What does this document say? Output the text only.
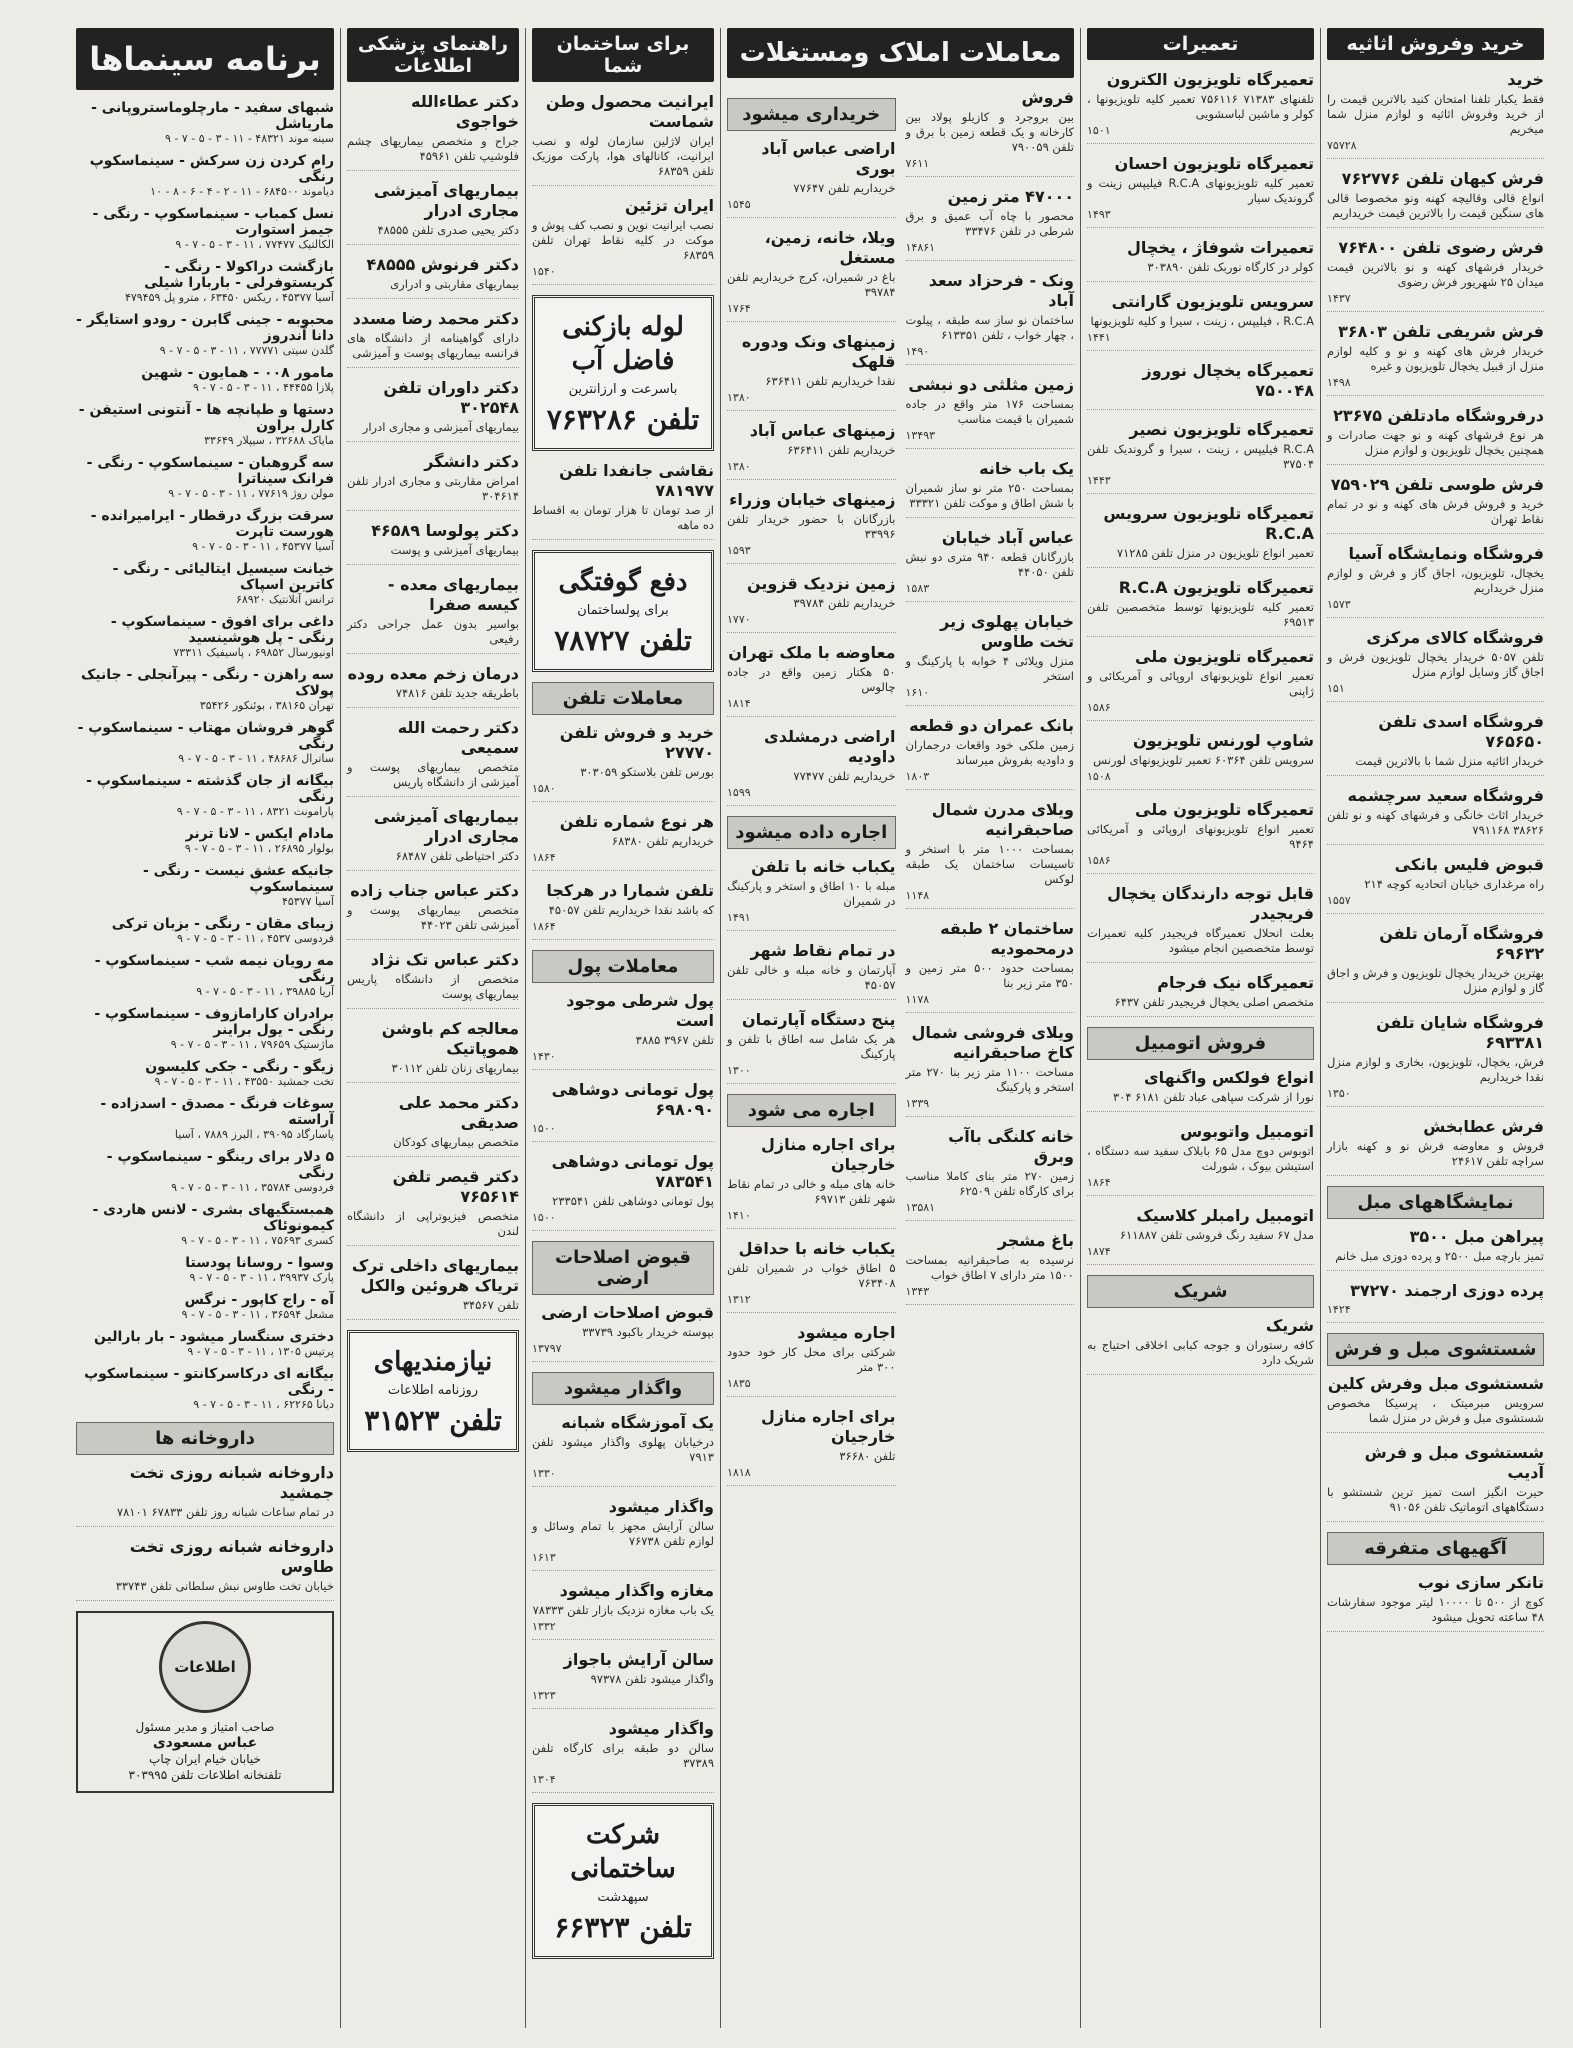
خرید وفروش اثاثیه
خرید
فقط یکبار تلفنا امتحان کنید بالاترین قیمت را از خرید وفروش اثاثیه و لوازم منزل شما میخریم
۷۵۷۲۸
فرش کیهان تلفن ۷۶۲۷۷۶
انواع قالی وقالیچه کهنه ونو مخصوصا قالی های سنگین قیمت را بالاترین قیمت خریداریم
فرش رضوی تلفن ۷۶۴۸۰۰
خریدار فرشهای کهنه و نو بالاترین قیمت میدان ۲۵ شهریور فرش رضوی
۱۴۳۷
فرش شریفی تلفن ۳۶۸۰۳
خریدار فرش های کهنه و نو و کلیه لوازم منزل از قبیل یخچال تلویزیون و غیره
۱۴۹۸
درفروشگاه مادتلفن ۲۳۶۷۵
هر نوع فرشهای کهنه و نو جهت صادرات و همچنین یخچال تلویزیون و لوازم منزل
فرش طوسی تلفن ۷۵۹۰۲۹
خرید و فروش فرش های کهنه و نو در تمام نقاط تهران
فروشگاه ونمایشگاه آسیا
یخچال، تلویزیون، اجاق گاز و فرش و لوازم منزل خریداریم
۱۵۷۳
فروشگاه کالای مرکزی
تلفن ۵۰۵۷ خریدار یخچال تلویزیون فرش و اجاق گاز وسایل لوازم منزل
۱۵۱
فروشگاه اسدی تلفن ۷۶۵۶۵۰
خریدار اثاثیه منزل شما با بالاترین قیمت
فروشگاه سعید سرچشمه
خریدار اثاث خانگی و فرشهای کهنه و نو تلفن ۳۸۶۲۶ ۷۹۱۱۶۸
قبوض فلیس بانکی
راه مرغداری خیابان اتحادیه کوچه ۲۱۴
۱۵۵۷
فروشگاه آرمان تلفن ۶۹۶۳۲
بهترین خریدار یخچال تلویزیون و فرش و اجاق گاز و لوازم منزل
فروشگاه شایان تلفن ۶۹۳۳۸۱
فرش، یخچال، تلویزیون، بخاری و لوازم منزل نقدا خریداریم
۱۳۵۰
فرش عطابخش
فروش و معاوضه فرش نو و کهنه بازار سراچه تلفن ۲۴۶۱۷
نمایشگاههای مبل
پیراهن مبل ۳۵۰۰
تمیز بارچه مبل ۲۵۰۰ و پرده دوزی مبل خانم
پرده دوزی ارجمند ۳۷۲۷۰
۱۴۲۴
شستشوی مبل و فرش
شستشوی مبل وفرش کلین
سرویس مبرمیتک ، پرسیکا مخصوص شستشوی مبل و فرش در منزل شما
شستشوی مبل و فرش آدیب
حیرت انگیز است تمیز ترین شستشو با دستگاههای اتوماتیک تلفن ۹۱۰۵۶
آگهیهای متفرقه
تانکر سازی نوب
کوچ از ۵۰۰ تا ۱۰۰۰۰ لیتر موجود سفارشات ۴۸ ساعته تحویل میشود
تعمیرات
تعمیرگاه تلویزیون الکترون
تلفنهای ۷۱۳۸۳ ۷۵۶۱۱۶ تعمیر کلیه تلویزیونها ، کولر و ماشین لباسشویی
۱۵۰۱
تعمیرگاه تلویزیون احسان
تعمیر کلیه تلویزیونهای R.C.A فیلیپس زینت و گروندیک سیار
۱۴۹۳
تعمیرات شوفاژ ، یخچال
کولر در کارگاه نوربک تلفن ۳۰۳۸۹۰
سرویس تلویزیون گارانتی
R.C.A ، فیلیپس ، زینت ، سیرا و کلیه تلویزیونها
۱۴۴۱
تعمیرگاه یخچال نوروز ۷۵۰۰۴۸
تعمیرگاه تلویزیون نصیر
R.C.A فیلیپس ، زینت ، سیرا و گروندیک تلفن ۳۷۵۰۴
۱۴۴۳
تعمیرگاه تلویزیون سرویس R.C.A
تعمیر انواع تلویزیون در منزل تلفن ۷۱۲۸۵
تعمیرگاه تلویزیون R.C.A
تعمیر کلیه تلویزیونها توسط متخصصین تلفن ۶۹۵۱۳
تعمیرگاه تلویزیون ملی
تعمیر انواع تلویزیونهای اروپائی و آمریکائی و ژاپنی
۱۵۸۶
شاوپ لورنس تلویزیون
سرویس تلفن ۶۰۳۶۴ تعمیر تلویزیونهای لورنس
۱۵۰۸
تعمیرگاه تلویزیون ملی
تعمیر انواع تلویزیونهای اروپائی و آمریکائی ۹۴۶۴
۱۵۸۶
قابل توجه دارندگان یخچال فریجیدر
بعلت انحلال تعمیرگاه فریجیدر کلیه تعمیرات توسط متخصصین انجام میشود
تعمیرگاه نیک فرجام
متخصص اصلی یخچال فریجیدر تلفن ۶۴۳۷
فروش اتومبیل
انواع فولکس واگنهای
نورا از شرکت سپاهی عباد تلفن ۶۱۸۱ ۳۰۴
اتومبیل واتوبوس
اتوبوس دوچ مدل ۶۵ بابلاک سفید سه دستگاه ، استیشن بیوک ، شورلت
۱۸۶۴
اتومبیل رامبلر کلاسیک
مدل ۶۷ سفید رنگ فروشی تلفن ۶۱۱۸۸۷
۱۸۷۴
شریک
شریک
کافه رستوران و جوجه کبابی اخلاقی احتیاج به شریک دارد
معاملات املاک ومستغلات
فروش
بین بروجرد و کازیلو پولاد بین کارخانه و یک قطعه زمین با برق و تلفن ۷۹۰۰۵۹
۷۶۱۱
۴۷۰۰۰ متر زمین
محصور با چاه آب عمیق و برق شرطی در تلفن ۳۳۴۷۶
۱۴۸۶۱
ونک - فرحزاد سعد آباد
ساختمان نو ساز سه طبقه ، پیلوت ، چهار خواب ، تلفن ۶۱۳۳۵۱
۱۴۹۰
زمین مثلثی دو نبشی
بمساحت ۱۷۶ متر واقع در جاده شمیران با قیمت مناسب
۱۳۴۹۳
یک باب خانه
بمساحت ۲۵۰ متر نو ساز شمیران با شش اطاق و موکت تلفن ۳۳۳۲۱
عباس آباد خیابان
بازرگانان قطعه ۹۴۰ متری دو نبش تلفن ۴۴۰۵۰
۱۵۸۳
خیابان پهلوی زیر تخت طاوس
منزل ویلائی ۴ خوابه با پارکینگ و استخر
۱۶۱۰
بانک عمران دو قطعه
زمین ملکی خود واقعات درجماران و داودیه بفروش میرساند
۱۸۰۳
ویلای مدرن شمال صاحبقرانیه
بمساحت ۱۰۰۰ متر با استخر و تاسیسات ساختمان یک طبقه لوکس
۱۱۴۸
ساختمان ۲ طبقه درمحمودیه
بمساحت حدود ۵۰۰ متر زمین و ۳۵۰ متر زیر بنا
۱۱۷۸
ویلای فروشی شمال کاخ صاحبقرانیه
مساحت ۱۱۰۰ متر زیر بنا ۲۷۰ متر استخر و پارکینگ
۱۳۳۹
خانه کلنگی باآب وبرق
زمین ۲۷۰ متر بنای کاملا مناسب برای کارگاه تلفن ۶۲۵۰۹
۱۳۵۸۱
باغ مشجر
نرسیده به صاحبقرانیه بمساحت ۱۵۰۰ متر دارای ۷ اطاق خواب
۱۳۴۳
خریداری میشود
اراضی عباس آباد بوری
خریداریم تلفن ۷۷۶۴۷
۱۵۴۵
ویلا، خانه، زمین، مستغل
باغ در شمیران، کرج خریداریم تلفن ۳۹۷۸۴
۱۷۶۴
زمینهای ونک ودوره قلهک
نقدا خریداریم تلفن ۶۳۶۴۱۱
۱۳۸۰
زمینهای عباس آباد
خریداریم تلفن ۶۳۶۴۱۱
۱۳۸۰
زمینهای خیابان وزراء
بازرگانان با حضور خریدار تلفن ۳۳۹۹۶
۱۵۹۳
زمین نزدیک قزوین
خریداریم تلفن ۳۹۷۸۴
۱۷۷۰
معاوضه با ملک تهران
۵۰ هکتار زمین واقع در جاده چالوس
۱۸۱۴
اراضی درمشلدی داودیه
خریداریم تلفن ۷۷۴۷۷
۱۵۹۹
اجاره داده میشود
یکباب خانه با تلفن
مبله با ۱۰ اطاق و استخر و پارکینگ در شمیران
۱۴۹۱
در تمام نقاط شهر
آپارتمان و خانه مبله و خالی تلفن ۴۵۰۵۷
پنج دستگاه آپارتمان
هر یک شامل سه اطاق با تلفن و پارکینگ
۱۳۰۰
اجاره می شود
برای اجاره منازل خارجیان
خانه های مبله و خالی در تمام نقاط شهر تلفن ۶۹۷۱۳
۱۴۱۰
یکباب خانه با حداقل
۵ اطاق خواب در شمیران تلفن ۷۶۳۴۰۸
۱۳۱۲
اجاره میشود
شرکتی برای محل کار خود حدود ۳۰۰ متر
۱۸۳۵
برای اجاره منازل خارجیان
تلفن ۳۶۶۸۰
۱۸۱۸
برای ساختمان شما
ایرانیت محصول وطن شماست
ایران لاژلین سازمان لوله و نصب ایرانیت، کانالهای هوا، پارکت موزیک تلفن ۶۸۳۵۹
ایران تزئین
نصب ایرانیت نوین و نصب کف پوش و موکت در کلیه نقاط تهران تلفن ۶۸۳۵۹
۱۵۴۰
لوله بازکنی فاضل آب
باسرعت و ارزانترین
تلفن ۷۶۳۲۸۶
نقاشی جانفدا تلفن ۷۸۱۹۷۷
از صد تومان تا هزار تومان به اقساط ده ماهه
دفع گوفتگی
برای پولساختمان
تلفن ۷۸۷۲۷
معاملات تلفن
خرید و فروش تلفن ۲۷۷۷۰
بورس تلفن بلاستکو ۳۰۳۰۵۹
۱۵۸۰
هر نوع شماره تلفن
خریداریم تلفن ۶۸۳۸۰
۱۸۶۴
تلفن شمارا در هرکجا
که باشد نقدا خریداریم تلفن ۴۵۰۵۷
۱۸۶۴
معاملات پول
پول شرطی موجود است
تلفن ۳۹۶۷ ۳۸۸۵
۱۴۳۰
پول تومانی دوشاهی ۶۹۸۰۹۰
۱۵۰۰
پول تومانی دوشاهی ۷۸۳۵۴۱
پول تومانی دوشاهی تلفن ۲۳۳۵۴۱
۱۵۰۰
قبوض اصلاحات ارضی
قبوض اصلاحات ارضی
بپوسته خریدار باکبود ۳۳۷۳۹
۱۳۷۹۷
واگذار میشود
یک آموزشگاه شبانه
درخیابان پهلوی واگذار میشود تلفن ۷۹۱۳
۱۳۳۰
واگذار میشود
سالن آرایش مجهز با تمام وسائل و لوازم تلفن ۷۶۷۳۸
۱۶۱۳
مغازه واگذار میشود
یک باب مغازه نزدیک بازار تلفن ۷۸۳۳۳
۱۳۳۲
سالن آرایش باجواز
واگذار میشود تلفن ۹۷۳۷۸
۱۳۲۳
واگذار میشود
سالن دو طبقه برای کارگاه تلفن ۳۷۳۸۹
۱۳۰۴
شرکت ساختمانی
سپهدشت
تلفن ۶۶۳۲۳
راهنمای پزشکی اطلاعات
دکتر عطاءالله خواجوی
جراح و متخصص بیماریهای چشم فلوشیپ تلفن ۴۵۹۶۱
بیماریهای آمیزشی مجاری ادرار
دکتر یحیی صدری تلفن ۴۸۵۵۵
دکتر فرنوش ۴۸۵۵۵
بیماریهای مقاربتی و ادراری
دکتر محمد رضا مسدد
دارای گواهینامه از دانشگاه های فرانسه بیماریهای پوست و آمیزشی
دکتر داوران تلفن ۳۰۲۵۴۸
بیماریهای آمیزشی و مجاری ادرار
دکتر دانشگر
امراض مقاربتی و مجاری ادرار تلفن ۳۰۴۶۱۴
دکتر پولوسا ۴۶۵۸۹
بیماریهای آمیزشی و پوست
بیماریهای معده - کیسه صفرا
بواسیر بدون عمل جراحی دکتر رفیعی
درمان زخم معده روده
باطریقه جدید تلفن ۷۴۸۱۶
دکتر رحمت الله سمیعی
متخصص بیماریهای پوست و آمیزشی از دانشگاه پاریس
بیماریهای آمیزشی مجاری ادرار
دکتر احتیاطی تلفن ۶۸۴۸۷
دکتر عباس جناب زاده
متخصص بیماریهای پوست و آمیزشی تلفن ۴۴۰۲۳
دکتر عباس تک نژاد
متخصص از دانشگاه پاریس بیماریهای پوست
معالجه کم باوشن هموپاتیک
بیماریهای زنان تلفن ۳۰۱۱۲
دکتر محمد علی صدیقی
متخصص بیماریهای کودکان
دکتر قیصر تلفن ۷۶۵۶۱۴
متخصص فیزیوتراپی از دانشگاه لندن
بیماریهای داخلی ترک تریاک هروئین والکل
تلفن ۳۴۵۶۷
نیازمندیهای
روزنامه اطلاعات
تلفن ۳۱۵۲۳
برنامه سینماها
شبهای سفید - مارچلوماستروپانی - ماریاشل
سینه موند ۴۸۳۲۱ - ۱۱ - ۳ - ۵ - ۷ - ۹
رام کردن زن سرکش - سینماسکوپ رنگی
دیاموند ۶۸۴۵۰۰ - ۱۱ - ۲ - ۴ - ۶ - ۸ - ۱۰
نسل کمباب - سینماسکوپ - رنگی - جیمز استوارت
الکالتیک ۷۷۴۷۷ ، ۱۱ - ۳ - ۵ - ۷ - ۹
بازگشت دراکولا - رنگی - کریستوفرلی - باربارا شیلی
آسیا ۴۵۳۷۷ ، ریکس ۶۳۴۵۰ ، مترو پل ۴۷۹۴۵۹
محبوبه - جینی گابرن - رودو استایگر - دانا آندروز
گلدن سیتی ۷۷۷۷۱ ، ۱۱ - ۳ - ۵ - ۷ - ۹
مامور ۰۰۸ - همایون - شهین
پلازا ۴۴۴۵۵ ، ۱۱ - ۳ - ۵ - ۷ - ۹
دستها و طپانچه ها - آنتونی استیفن - کارل براون
مایاک ۳۲۶۸۸ ، سیپلار ۳۳۶۴۹
سه گروهبان - سینماسکوپ - رنگی - فرانک سیناترا
مولن روژ ۷۷۶۱۹ ، ۱۱ - ۳ - ۵ - ۷ - ۹
سرقت بزرگ درقطار - ایرامیرانده - هورست تاپرت
آسیا ۴۵۳۷۷ ، ۱۱ - ۳ - ۵ - ۷ - ۹
خیانت سیسیل ایتالیائی - رنگی - کاترین اسپاک
ترانس آتلانتیک ۶۸۹۲۰
داغی برای افوق - سینماسکوپ - رنگی - پل هوشینسید
اونیورسال ۶۹۸۵۲ ، پاسیفیک ۷۳۳۱۱
سه راهزن - رنگی - پیرآنجلی - جانیک پولاک
تهران ۳۸۱۶۵ ، بوئنکور ۳۵۴۲۶
گوهر فروشان مهتاب - سینماسکوپ - رنگی
ساترال ۴۸۶۸۶ ، ۱۱ - ۳ - ۵ - ۷ - ۹
بیگانه از جان گذشته - سینماسکوپ - رنگی
پارامونت ۸۳۲۱ ، ۱۱ - ۳ - ۵ - ۷ - ۹
مادام ایکس - لانا ترنر
بولوار ۲۶۸۹۵ ، ۱۱ - ۳ - ۵ - ۷ - ۹
جانیکه عشق نیست - رنگی - سینماسکوپ
آسیا ۴۵۳۷۷
زیبای مقان - رنگی - بزبان ترکی
فردوسی ۴۵۳۷ ، ۱۱ - ۳ - ۵ - ۷ - ۹
مه رویان نیمه شب - سینماسکوپ - رنگی
آریا ۳۹۸۸۵ ، ۱۱ - ۳ - ۵ - ۷ - ۹
برادران کارامازوف - سینماسکوپ - رنگی - یول براینر
ماژستیک ۷۹۶۵۹ ، ۱۱ - ۳ - ۵ - ۷ - ۹
زیگو - رنگی - جکی کلیسون
تخت جمشید ۴۳۵۵۰ ، ۱۱ - ۳ - ۵ - ۷ - ۹
سوغات فرنگ - مصدق - اسدزاده - آراسته
پاسارگاد ۳۹۰۹۵ ، البرز ۷۸۸۹ ، آسیا
۵ دلار برای رینگو - سینماسکوپ - رنگی
فردوسی ۳۵۷۸۴ ، ۱۱ - ۳ - ۵ - ۷ - ۹
همبستگیهای بشری - لانس هاردی - کیمونوئاک
کسری ۷۵۶۹۳ ، ۱۱ - ۳ - ۵ - ۷ - ۹
وسوا - روسانا پودستا
پارک ۳۹۹۳۷ ، ۱۱ - ۳ - ۵ - ۷ - ۹
آه - راج کاپور - نرگس
مشعل ۳۶۵۹۴ ، ۱۱ - ۳ - ۵ - ۷ - ۹
دختری سنگسار میشود - بار بارالین
پرتیس ۱۳۰۵ ، ۱۱ - ۳ - ۵ - ۷ - ۹
بیگانه ای درکاسرکانتو - سینماسکوپ - رنگی
دیانا ۶۲۲۶۵ ، ۱۱ - ۳ - ۵ - ۷ - ۹
داروخانه ها
داروخانه شبانه روزی تخت جمشید
در تمام ساعات شبانه روز تلفن ۶۷۸۳۳ ۷۸۱۰۱
داروخانه شبانه روزی تخت طاوس
خیابان تخت طاوس نبش سلطانی تلفن ۳۳۷۴۳
اطلاعات
صاحب امتیاز و مدیر مسئول
عباس مسعودی
خیابان خیام ایران چاپ
تلفنخانه اطلاعات تلفن ۳۰۳۹۹۵
